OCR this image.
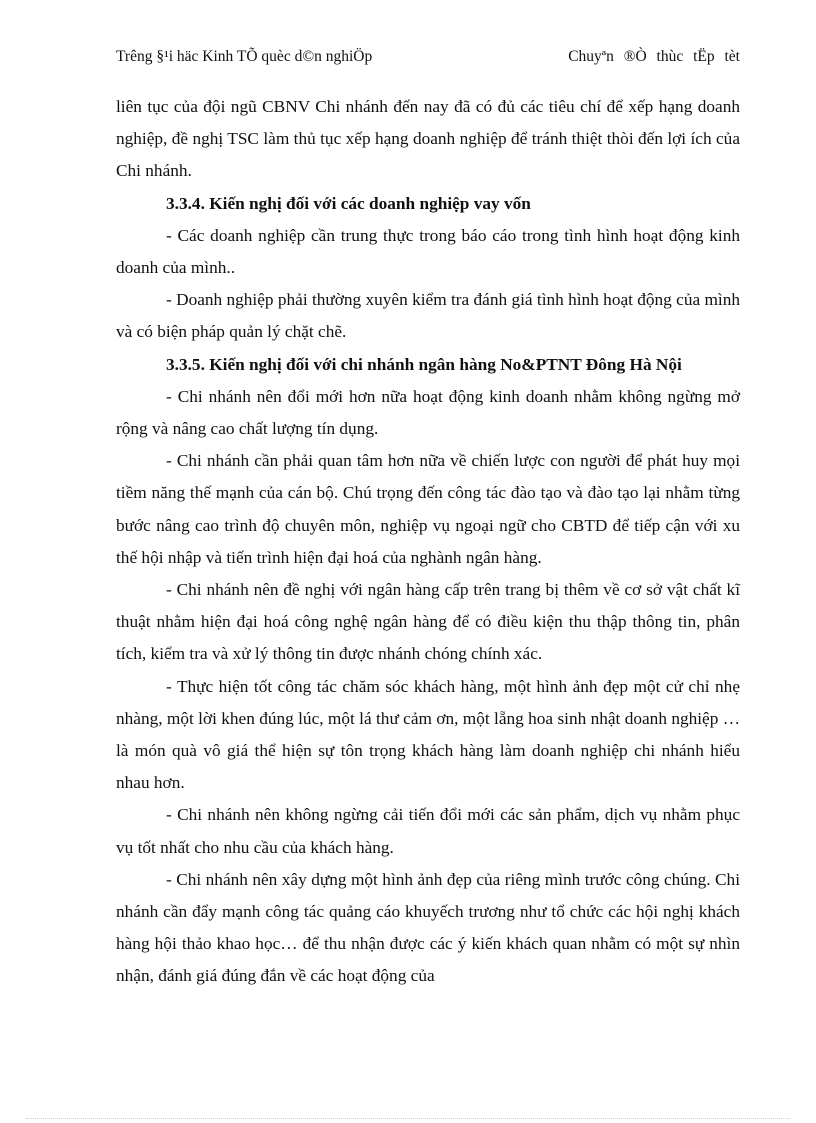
Trêng §¹i häc Kinh TÕ quèc d©n nghiÖp	Chuyªn ®Ò thùc tËp tèt

liên tục của đội ngũ CBNV Chi nhánh đến nay đã có đủ các tiêu chí để xếp hạng doanh nghiệp, đề nghị TSC làm thủ tục xếp hạng doanh nghiệp để tránh thiệt thòi đến lợi ích của Chi nhánh.

3.3.4. Kiến nghị đối với các doanh nghiệp vay vốn

- Các doanh nghiệp cần trung thực trong báo cáo trong tình hình hoạt động kinh doanh của mình..

- Doanh nghiệp phải thường xuyên kiểm tra đánh giá tình hình hoạt động của mình và có biện pháp quản lý chặt chẽ.

3.3.5. Kiến nghị đối với chi nhánh ngân hàng No&PTNT Đông Hà Nội

- Chi nhánh nên đổi mới hơn nữa hoạt động kinh doanh nhằm không ngừng mở rộng và nâng cao chất lượng tín dụng.

- Chi nhánh cần phải quan tâm hơn nữa về chiến lược con người để phát huy mọi tiềm năng thế mạnh của cán bộ. Chú trọng đến công tác đào tạo và đào tạo lại nhằm từng bước nâng cao trình độ chuyên môn, nghiệp vụ ngoại ngữ cho CBTD để tiếp cận với xu thế hội nhập và tiến trình hiện đại hoá của nghành ngân hàng.

- Chi nhánh nên đề nghị với ngân hàng cấp trên trang bị thêm về cơ sở vật chất kĩ thuật nhằm hiện đại hoá công nghệ ngân hàng để có điều kiện thu thập thông tin, phân tích, kiểm tra và xử lý thông tin được nhánh chóng chính xác.

- Thực hiện tốt công tác chăm sóc khách hàng, một hình ảnh đẹp một cử chỉ nhẹ nhàng, một lời khen đúng lúc, một lá thư cảm ơn, một lẵng hoa sinh nhật doanh nghiệp …là món quà vô giá thể hiện sự tôn trọng khách hàng làm doanh nghiệp chi nhánh hiểu nhau hơn.

- Chi nhánh nên không ngừng cải tiến đổi mới các sản phẩm, dịch vụ nhằm phục vụ tốt nhất cho nhu cầu của khách hàng.

- Chi nhánh nên xây dựng một hình ảnh đẹp của riêng mình trước công chúng. Chi nhánh cần đẩy mạnh công tác quảng cáo khuyếch trương như tổ chức các hội nghị khách hàng hội thảo khao học… để thu nhận được các ý kiến khách quan nhằm có một sự nhìn nhận, đánh giá đúng đắn về các hoạt động của
